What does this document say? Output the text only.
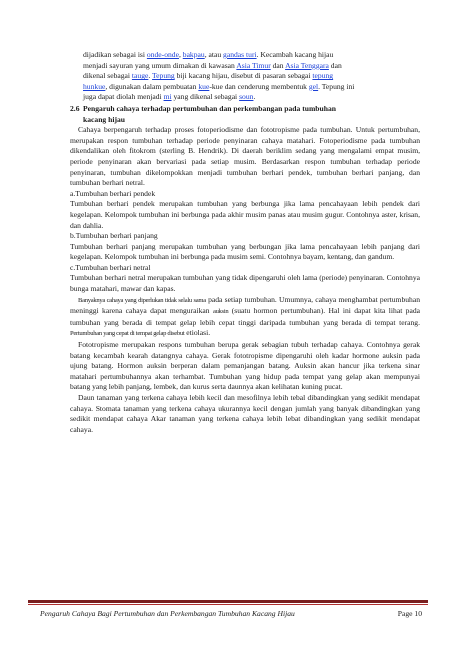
dijadikan sebagai isi onde-onde, bakpau, atau gandas turi. Kecambah kacang hijau

menjadi sayuran yang umum dimakan di kawasan Asia Timur dan Asia Tenggara dan

dikenal sebagai tauge. Tepung biji kacang hijau, disebut di pasaran sebagai tepung

hunkue, digunakan dalam pembuatan kue-kue dan cenderung membentuk gel. Tepung ini

juga dapat diolah menjadi mi yang dikenal sebagai soun.

2.6 Pengaruh cahaya terhadap pertumbuhan dan perkembangan pada tumbuhan
kacang hijau

Cahaya berpengaruh terhadap proses fotoperiodisme dan fototropisme pada tumbuhan. Untuk pertumbuhan, merupakan respon tumbuhan terhadap periode penyinaran cahaya matahari. Fotoperiodisme pada tumbuhan dikendalikan oleh fitokrom (sterling B. Hendrik). Di daerah beriklim sedang yang mengalami empat musim, periode penyinaran akan bervariasi pada setiap musim. Berdasarkan respon tumbuhan terhadap periode penyinaran, tumbuhan dikelompokkan menjadi tumbuhan berhari pendek, tumbuhan berhari panjang, dan tumbuhan berhari netral.

a.Tumbuhan berhari pendek

Tumbuhan berhari pendek merupakan tumbuhan yang berbunga jika lama pencahayaan lebih pendek dari kegelapan. Kelompok tumbuhan ini berbunga pada akhir musim panas atau musim gugur. Contohnya aster, krisan, dan dahlia.

b.Tumbuhan berhari panjang

Tumbuhan berhari panjang merupakan tumbuhan yang berbungan jika lama pencahayaan lebih panjang dari kegelapan. Kelompok tumbuhan ini berbunga pada musim semi. Contohnya bayam, kentang, dan gandum.

c.Tumbuhan berhari netral

Tumbuhan berhari netral merupakan tumbuhan yang tidak dipengaruhi oleh lama (periode) penyinaran. Contohnya bunga matahari, mawar dan kapas.

Banyaknya cahaya yang diperlukan tidak selalu sama pada setiap tumbuhan. Umumnya, cahaya menghambat pertumbuhan meninggi karena cahaya dapat menguraikan auksin (suatu hormon pertumbuhan). Hal ini dapat kita lihat pada tumbuhan yang berada di tempat gelap lebih cepat tinggi daripada tumbuhan yang berada di tempat terang. Pertumbuhan yang cepat di tempat gelap disebut etiolasi.

Fototropisme merupakan respons tumbuhan berupa gerak sebagian tubuh terhadap cahaya. Contohnya gerak batang kecambah kearah datangnya cahaya. Gerak fototropisme dipengaruhi oleh kadar hormone auksin pada ujung batang. Hormon auksin berperan dalam pemanjangan batang. Auksin akan hancur jika terkena sinar matahari pertumbuhannya akan terhambat. Tumbuhan yang hidup pada tempat yang gelap akan mempunyai batang yang lebih panjang, lembek, dan kurus serta daunnya akan kelihatan kuning pucat.

Daun tanaman yang terkena cahaya lebih kecil dan mesofilnya lebih tebal dibandingkan yang sedikit mendapat cahaya. Stomata tanaman yang terkena cahaya ukurannya kecil dengan jumlah yang banyak dibandingkan yang sedikit mendapat cahaya Akar tanaman yang terkena cahaya lebih lebat dibandingkan yang sedikit mendapat cahaya.

Pengaruh Cahaya Bagi Pertumbuhan dan Perkembangan Tumbuhan Kacang Hijau	Page 10
